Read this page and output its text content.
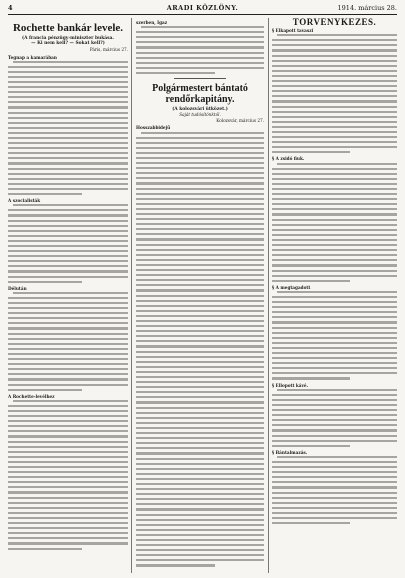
4	ARADI KÖZLÖNY.	1914. március 28.
Rochette bankár levele.
(A francia pénzügy-miniszter bukása.
— Ki nem kell? — Sokat kell?)
Páris, március 27.
Tegnap a kamarában
A szocialisták
Délután
A Rochette-levélhez
szerben, Igaz
Polgármestert bántató rendőrkapitány.
(A kolozsvári ütközet.)
Saját tudósítónktól.
Kolozsvár, március 27.
Hosszabbidejű
TÖRVÉNYKEZÉS.
§ Elkapott tavaszi
§ A zsidó fiuk.
§ A megtagadott
§ Ellopott kávé.
§ Bántalmazás.
